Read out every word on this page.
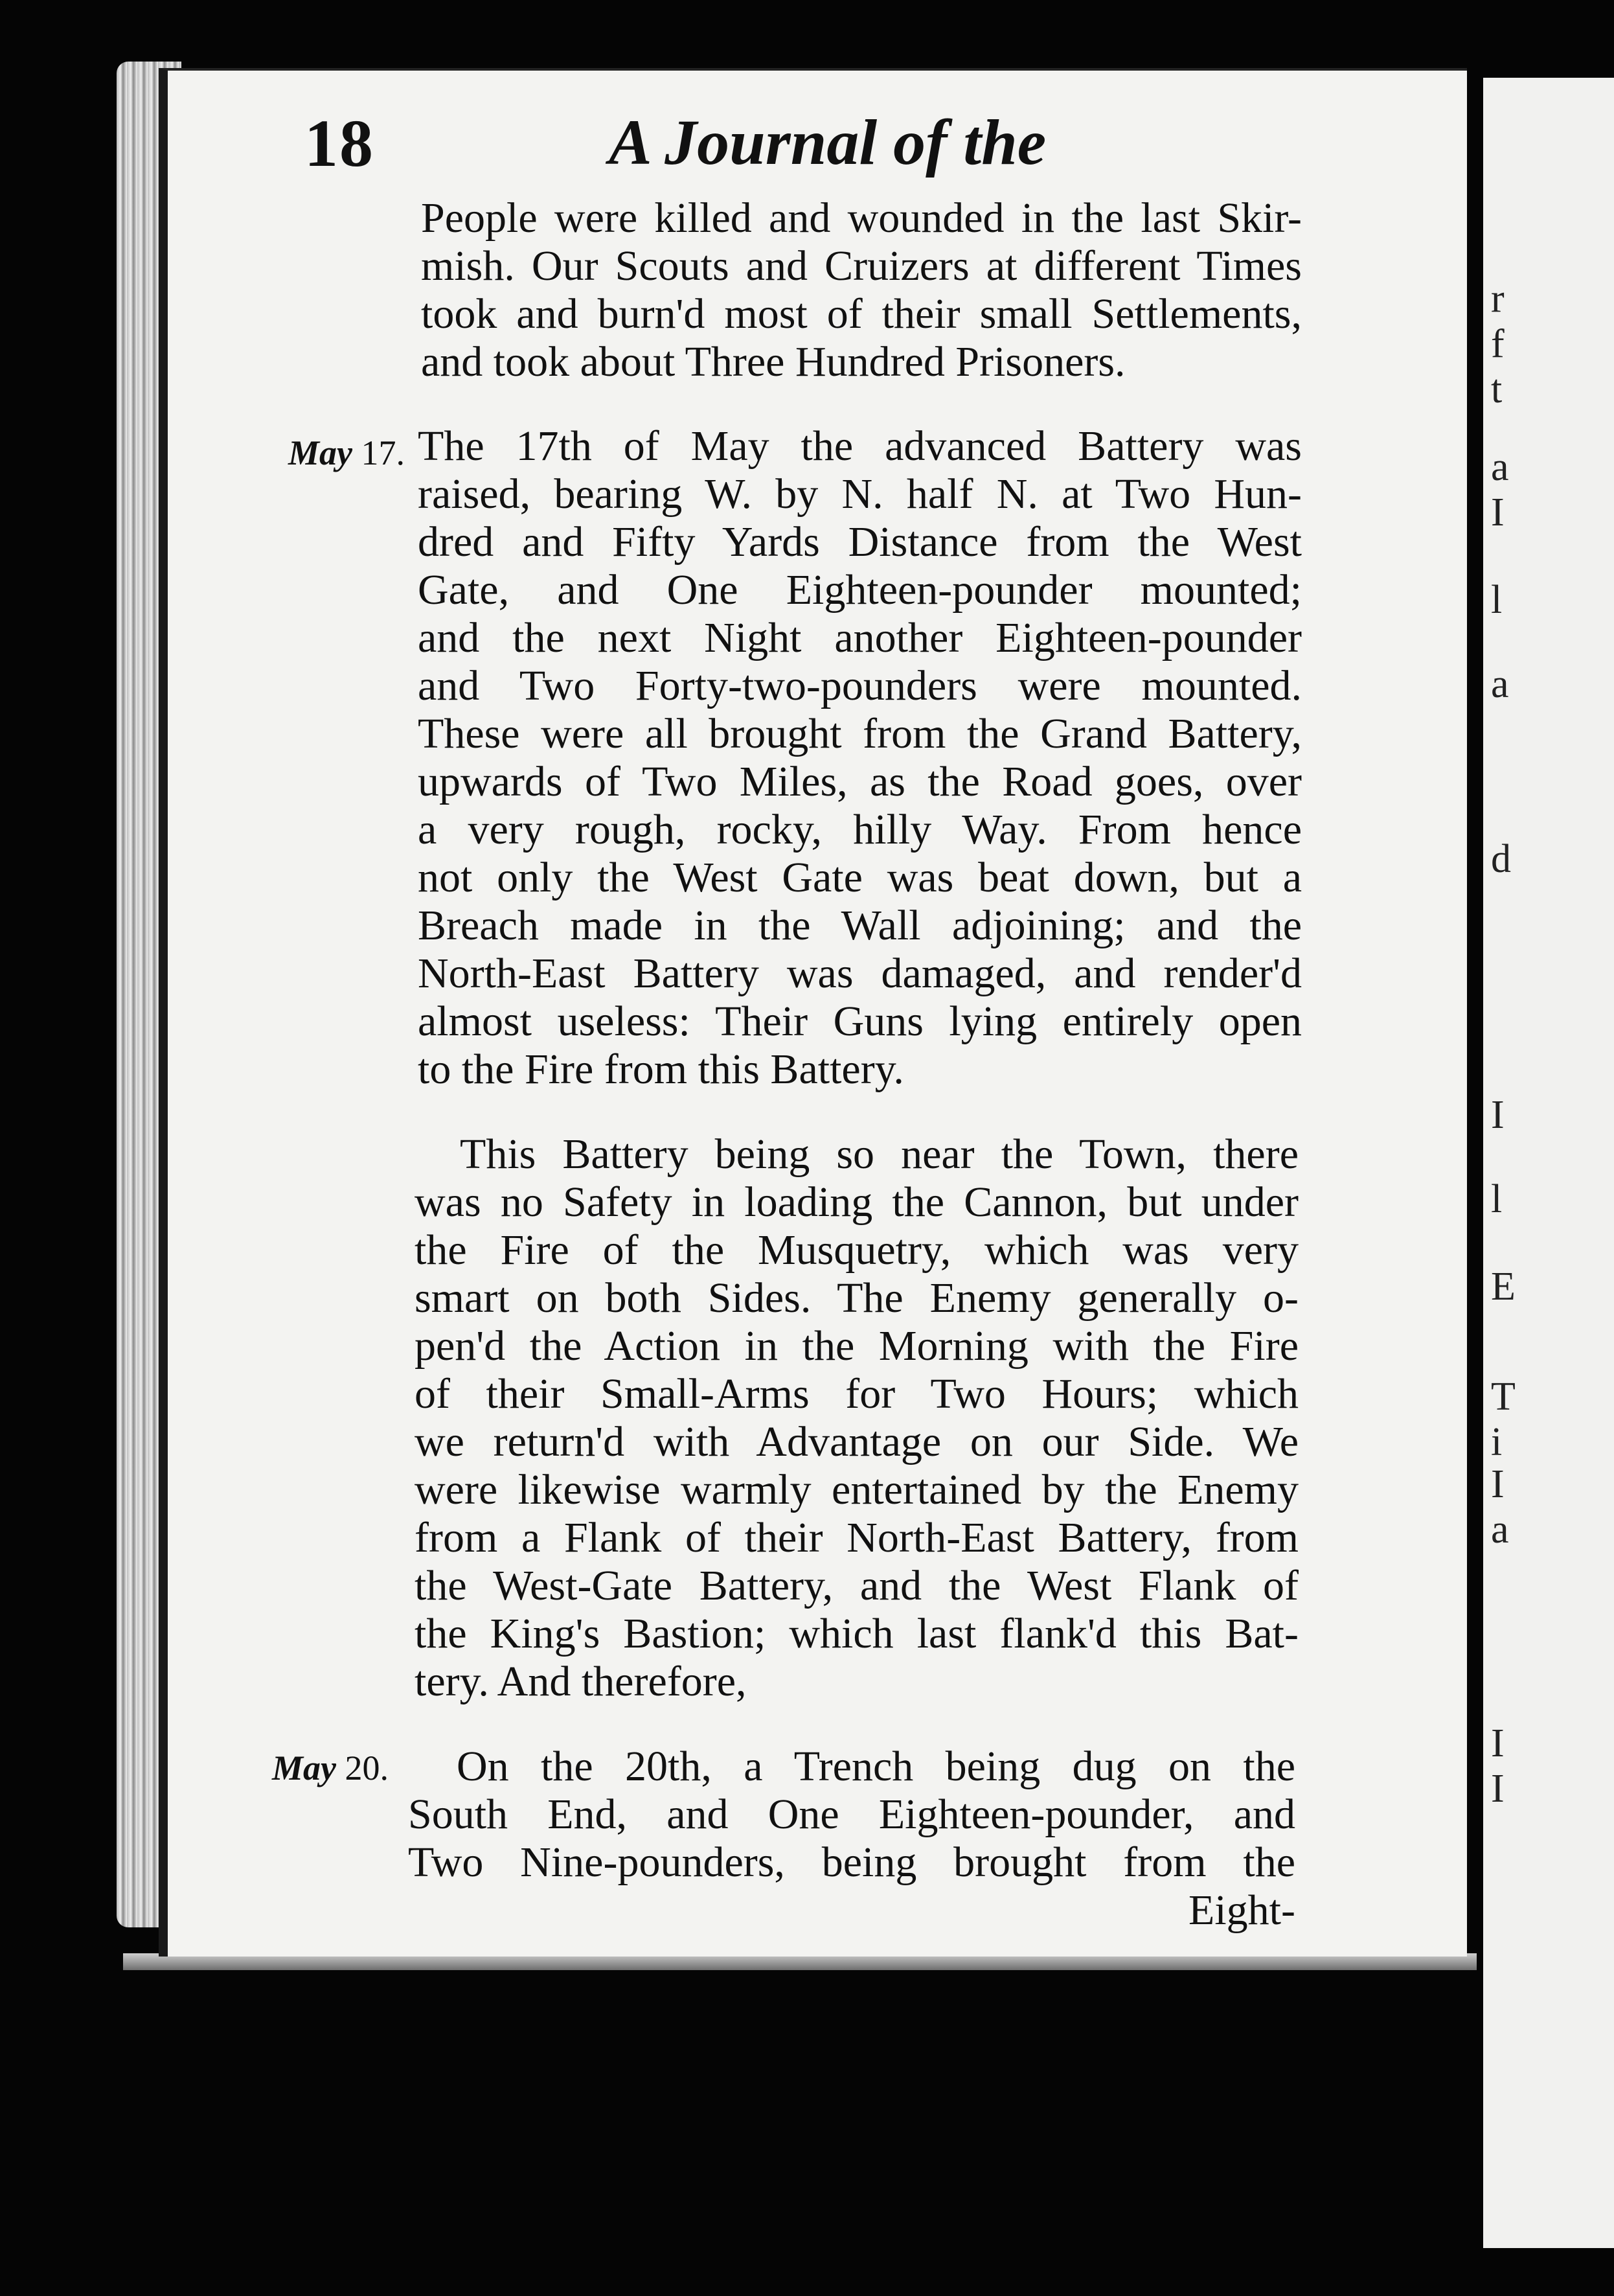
r
f
t
a
I
l
a
d
I
l
E
T
i
I
a
I
I
18	A Journal of the
People were killed and wounded in the last Skir-
mish. Our Scouts and Cruizers at different Times
took and burn'd most of their small Settlements,
and took about Three Hundred Prisoners.
May 17. The 17th of May the advanced Battery was
raised, bearing W. by N. half N. at Two Hun-
dred and Fifty Yards Distance from the West
Gate, and One Eighteen-pounder mounted;
and the next Night another Eighteen-pounder
and Two Forty-two-pounders were mounted.
These were all brought from the Grand Battery,
upwards of Two Miles, as the Road goes, over
a very rough, rocky, hilly Way. From hence
not only the West Gate was beat down, but a
Breach made in the Wall adjoining; and the
North-East Battery was damaged, and render'd
almost useless: Their Guns lying entirely open
to the Fire from this Battery.
This Battery being so near the Town, there
was no Safety in loading the Cannon, but under
the Fire of the Musquetry, which was very
smart on both Sides. The Enemy generally o-
pen'd the Action in the Morning with the Fire
of their Small-Arms for Two Hours; which
we return'd with Advantage on our Side. We
were likewise warmly entertained by the Enemy
from a Flank of their North-East Battery, from
the West-Gate Battery, and the West Flank of
the King's Bastion; which last flank'd this Bat-
tery. And therefore,
May 20.	On the 20th, a Trench being dug on the
South End, and One Eighteen-pounder, and
Two Nine-pounders, being brought from the
Eight-
